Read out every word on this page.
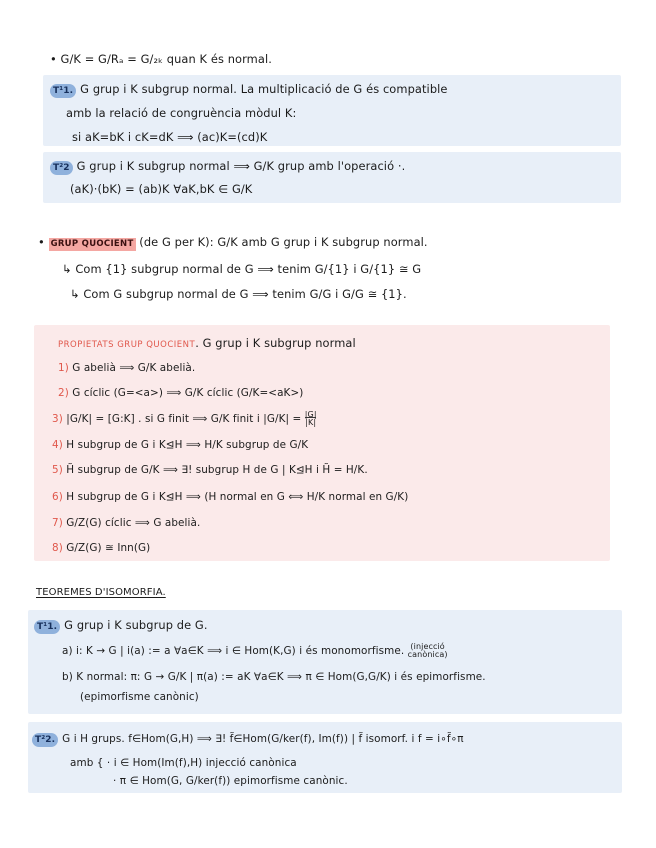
• G/K = G/Rₐ = G/₂ₖ quan K és normal.
T¹1. G grup i K subgrup normal. La multiplicació de G és compatible
amb la relació de congruència mòdul K:
si aK=bK i cK=dK ⟹ (ac)K=(cd)K
T²2 G grup i K subgrup normal ⟹ G/K grup amb l'operació ·.
(aK)·(bK) = (ab)K ∀aK,bK ∈ G/K
• GRUP QUOCIENT (de G per K): G/K amb G grup i K subgrup normal.
↳ Com {1} subgrup normal de G ⟹ tenim G/{1} i G/{1} ≅ G
↳ Com G subgrup normal de G ⟹ tenim G/G i G/G ≅ {1}.
PROPIETATS GRUP QUOCIENT. G grup i K subgrup normal
1) G abelià ⟹ G/K abelià.
2) G cíclic (G=<a>) ⟹ G/K cíclic (G/K=<aK>)
3) |G/K| = [G:K] . si G finit ⟹ G/K finit i $|G/K| = \frac{|G|}{|K|}$
4) H subgrup de G i K⊴H ⟹ H/K subgrup de G/K
5) H̃ subgrup de G/K ⟹ ∃! subgrup H de G | K⊴H i H̃ = H/K.
6) H subgrup de G i K⊴H ⟹ (H normal en G ⟺ H/K normal en G/K)
7) G/Z(G) cíclic ⟹ G abelià.
8) G/Z(G) ≅ Inn(G)
TEOREMES D'ISOMORFIA.
T¹1. G grup i K subgrup de G.
a) i: K → G | i(a) := a ∀a∈K ⟹ i ∈ Hom(K,G) i és monomorfisme. (injecció
canònica)
b) K normal: π: G → G/K | π(a) := aK ∀a∈K ⟹ π ∈ Hom(G,G/K) i és epimorfisme.
(epimorfisme canònic)
T²2. G i H grups. f∈Hom(G,H) ⟹ ∃! f̃∈Hom(G/ker(f), Im(f)) | f̃ isomorf. i f = i∘f̃∘π
amb { · i ∈ Hom(Im(f),H) injecció canònica
· π ∈ Hom(G, G/ker(f)) epimorfisme canònic.
